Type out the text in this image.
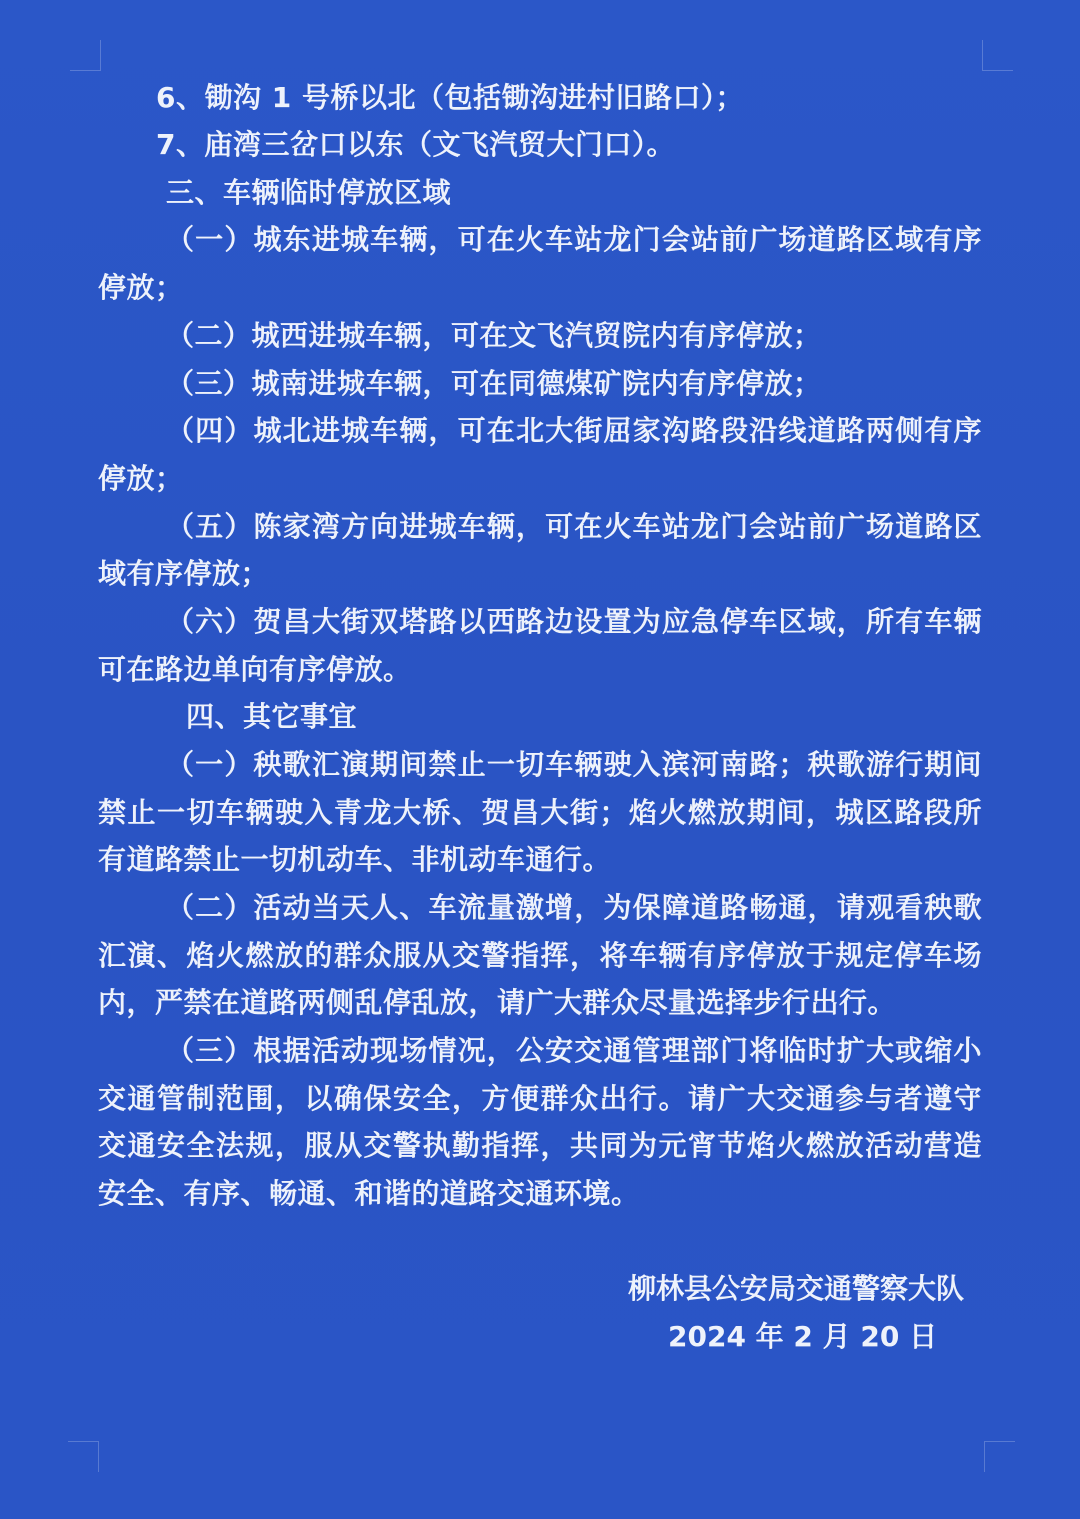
6、锄沟 1 号桥以北（包括锄沟进村旧路口）；
7、庙湾三岔口以东（文飞汽贸大门口）。
三、车辆临时停放区域
（一）城东进城车辆，可在火车站龙门会站前广场道路区域有序
停放；
（二）城西进城车辆，可在文飞汽贸院内有序停放；
（三）城南进城车辆，可在同德煤矿院内有序停放；
（四）城北进城车辆，可在北大街屈家沟路段沿线道路两侧有序
停放；
（五）陈家湾方向进城车辆，可在火车站龙门会站前广场道路区
域有序停放；
（六）贺昌大街双塔路以西路边设置为应急停车区域，所有车辆
可在路边单向有序停放。
四、其它事宜
（一）秧歌汇演期间禁止一切车辆驶入滨河南路；秧歌游行期间
禁止一切车辆驶入青龙大桥、贺昌大街；焰火燃放期间，城区路段所
有道路禁止一切机动车、非机动车通行。
（二）活动当天人、车流量激增，为保障道路畅通，请观看秧歌
汇演、焰火燃放的群众服从交警指挥，将车辆有序停放于规定停车场
内，严禁在道路两侧乱停乱放，请广大群众尽量选择步行出行。
（三）根据活动现场情况，公安交通管理部门将临时扩大或缩小
交通管制范围，以确保安全，方便群众出行。请广大交通参与者遵守
交通安全法规，服从交警执勤指挥，共同为元宵节焰火燃放活动营造
安全、有序、畅通、和谐的道路交通环境。
柳林县公安局交通警察大队
2024 年 2 月 20 日
